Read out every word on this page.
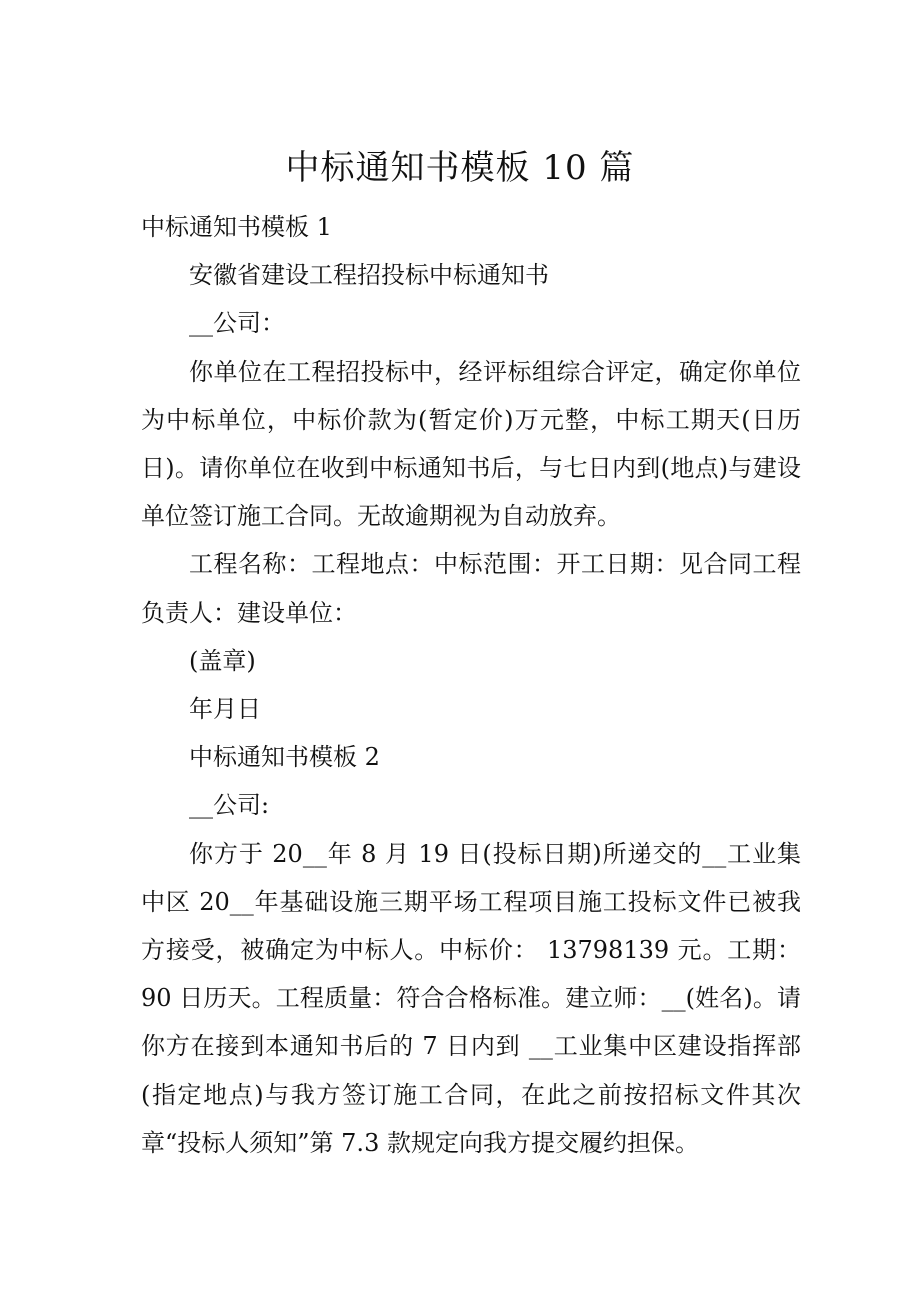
中标通知书模板 10 篇

中标通知书模板 1

安徽省建设工程招投标中标通知书

__公司：

你单位在工程招投标中，经评标组综合评定，确定你单位为中标单位，中标价款为(暂定价)万元整，中标工期天(日历日)。请你单位在收到中标通知书后，与七日内到(地点)与建设单位签订施工合同。无故逾期视为自动放弃。

工程名称：工程地点：中标范围：开工日期：见合同工程负责人：建设单位：

(盖章)

年月日

中标通知书模板 2

__公司:

你方于 20__年 8 月 19 日(投标日期)所递交的__工业集中区 20__年基础设施三期平场工程项目施工投标文件已被我方接受，被确定为中标人。中标价： 13798139 元。工期：90 日历天。工程质量：符合合格标准。建立师：__(姓名)。请你方在接到本通知书后的 7 日内到 __工业集中区建设指挥部(指定地点)与我方签订施工合同，在此之前按招标文件其次章“投标人须知”第 7.3 款规定向我方提交履约担保。
